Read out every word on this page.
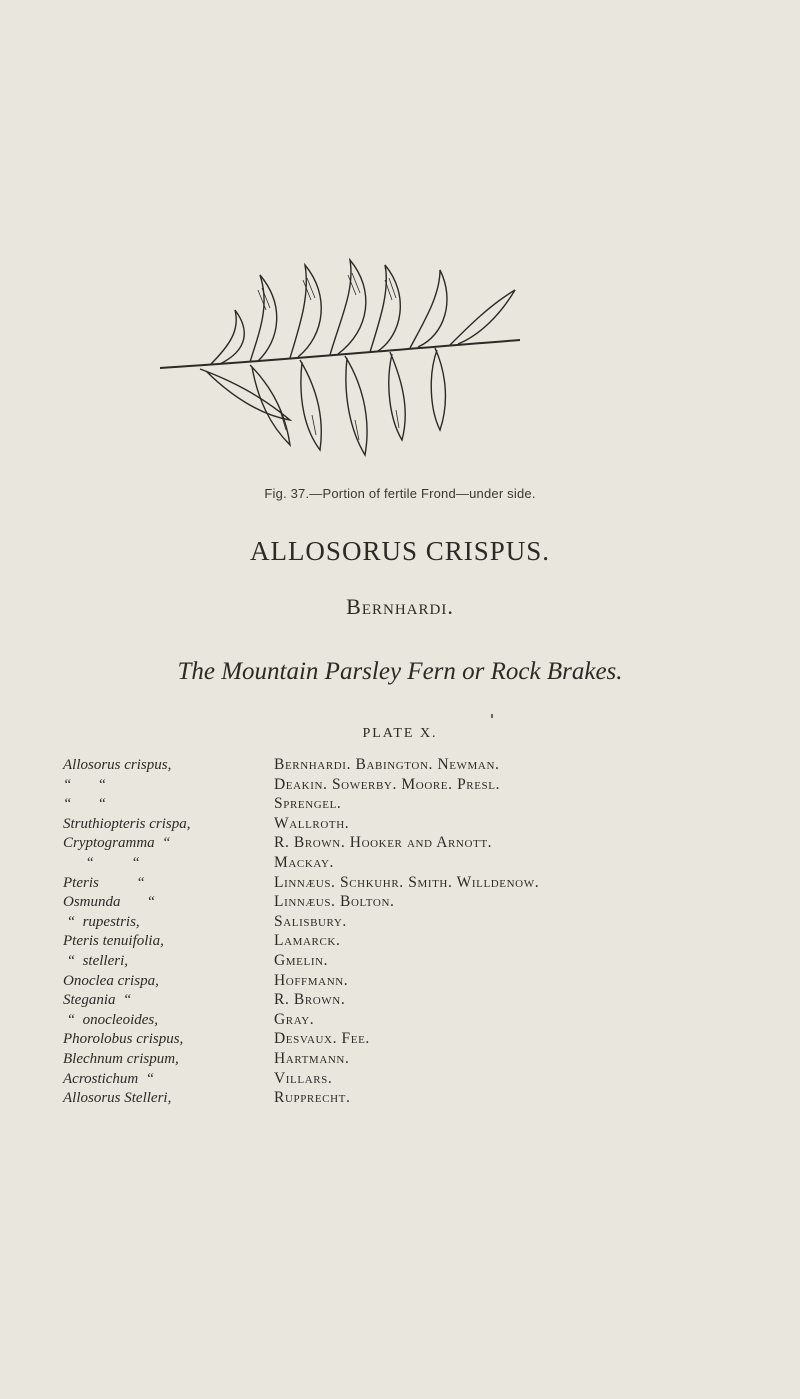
Fig. 37.—Portion of fertile Frond—under side.
ALLOSORUS CRISPUS.
Bernhardi.
The Mountain Parsley Fern or Rock Brakes.
PLATE X.
Allosorus crispus,	Bernhardi. Babington. Newman.
“       “	Deakin. Sowerby. Moore. Presl.
“       “	Sprengel.
Struthiopteris crispa,	Wallroth.
Cryptogramma  “	R. Brown. Hooker and Arnott.
“          “	Mackay.
Pteris          “	Linnæus. Schkuhr. Smith. Willdenow.
Osmunda       “	Linnæus. Bolton.
“  rupestris,	Salisbury.
Pteris tenuifolia,	Lamarck.
“  stelleri,	Gmelin.
Onoclea crispa,	Hoffmann.
Stegania  “	R. Brown.
“  onocleoides,	Gray.
Phorolobus crispus,	Desvaux. Fee.
Blechnum crispum,	Hartmann.
Acrostichum  “	Villars.
Allosorus Stelleri,	Rupprecht.
